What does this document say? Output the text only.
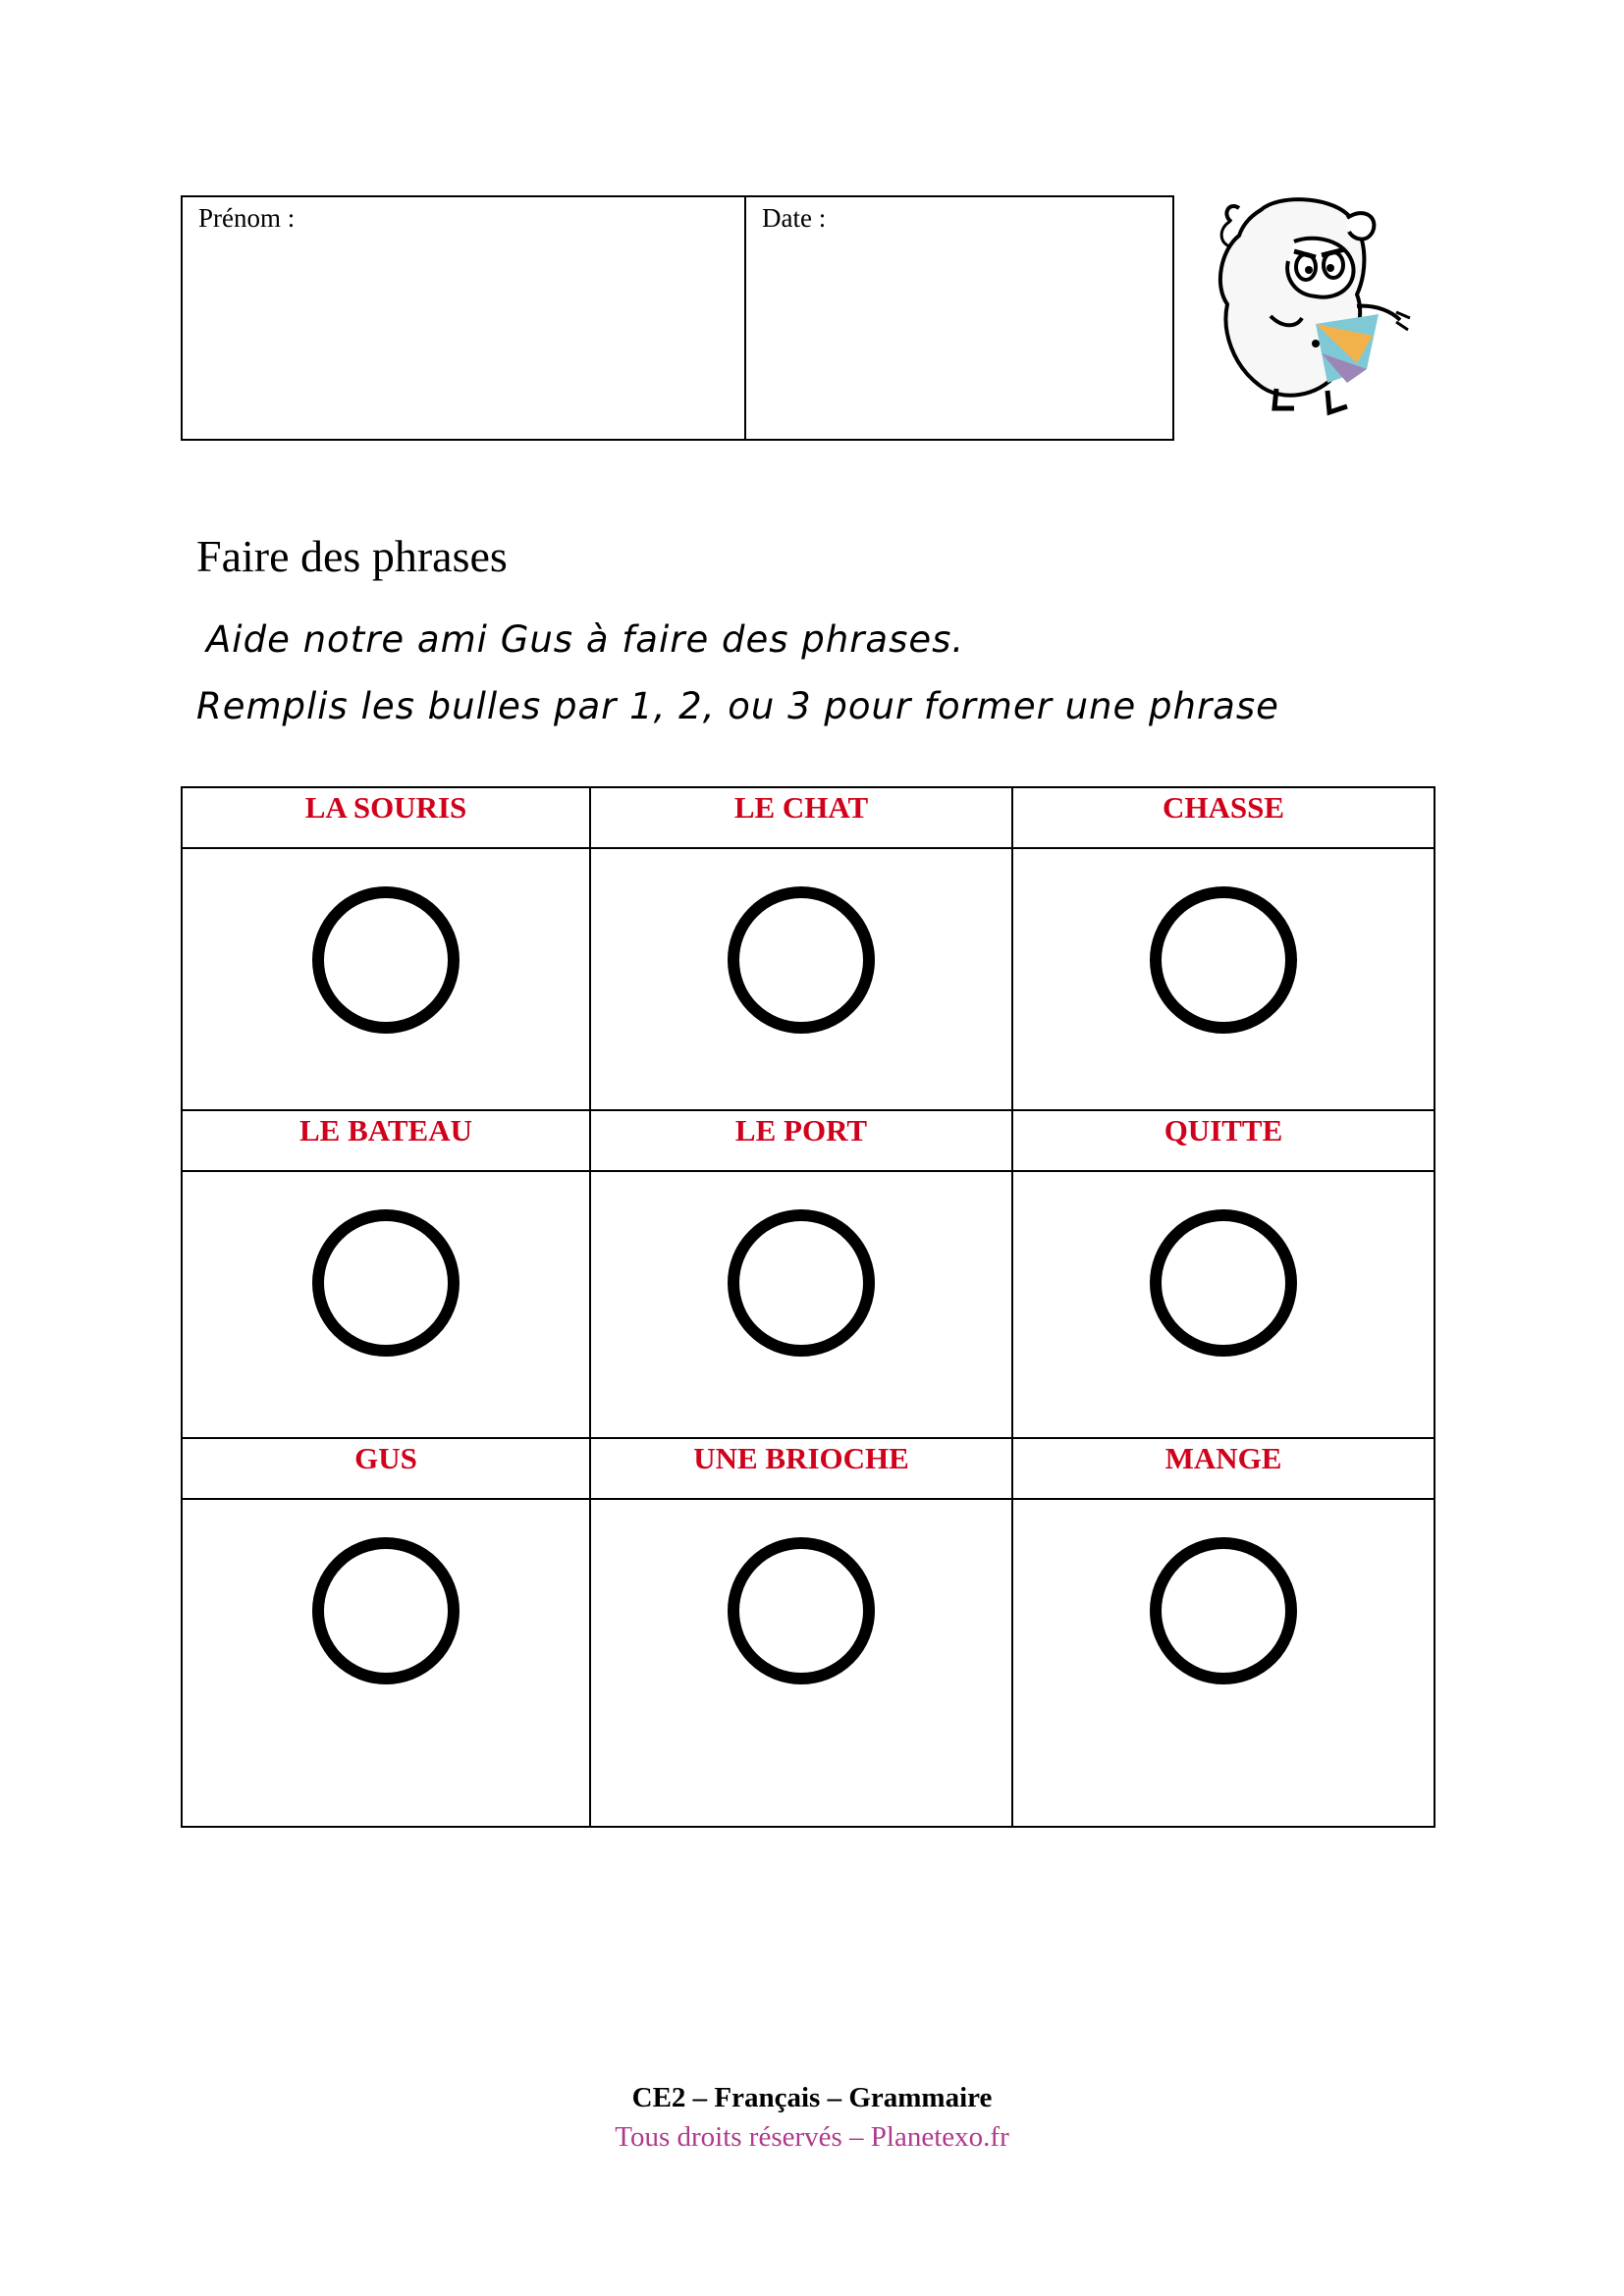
Prénom :	Date :
Faire des phrases
Aide notre ami Gus à faire des phrases.
Remplis les bulles par 1, 2, ou 3 pour former une phrase
LA SOURIS	LE CHAT	CHASSE

LE BATEAU	LE PORT	QUITTE

GUS	UNE BRIOCHE	MANGE

CE2 – Français – Grammaire
Tous droits réservés – Planetexo.fr
